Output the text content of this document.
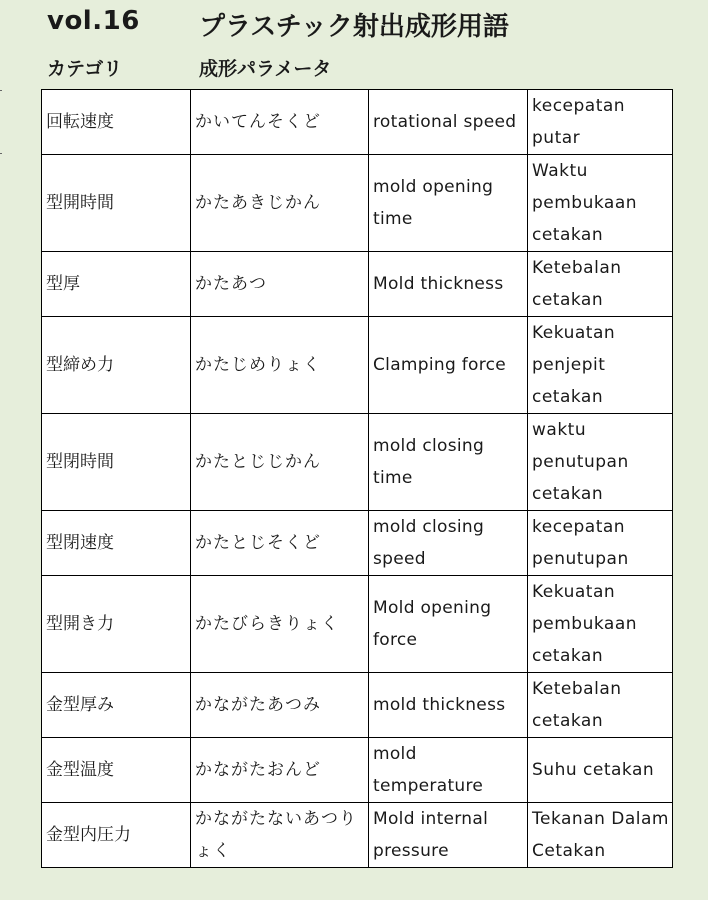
vol.16 プラスチック射出成形用語
カテゴリ	成形パラメータ
回転速度	かいてんそくど	rotational speed	kecepatan putar
型開時間	かたあきじかん	mold opening time	Waktu pembukaan cetakan
型厚	かたあつ	Mold thickness	Ketebalan cetakan
型締め力	かたじめりょく	Clamping force	Kekuatan penjepit cetakan
型閉時間	かたとじじかん	mold closing time	waktu penutupan cetakan
型閉速度	かたとじそくど	mold closing speed	kecepatan penutupan
型開き力	かたびらきりょく	Mold opening force	Kekuatan pembukaan cetakan
金型厚み	かながたあつみ	mold thickness	Ketebalan cetakan
金型温度	かながたおんど	mold temperature	Suhu cetakan
金型内圧力	かながたないあつりょく	Mold internal pressure	Tekanan Dalam Cetakan
